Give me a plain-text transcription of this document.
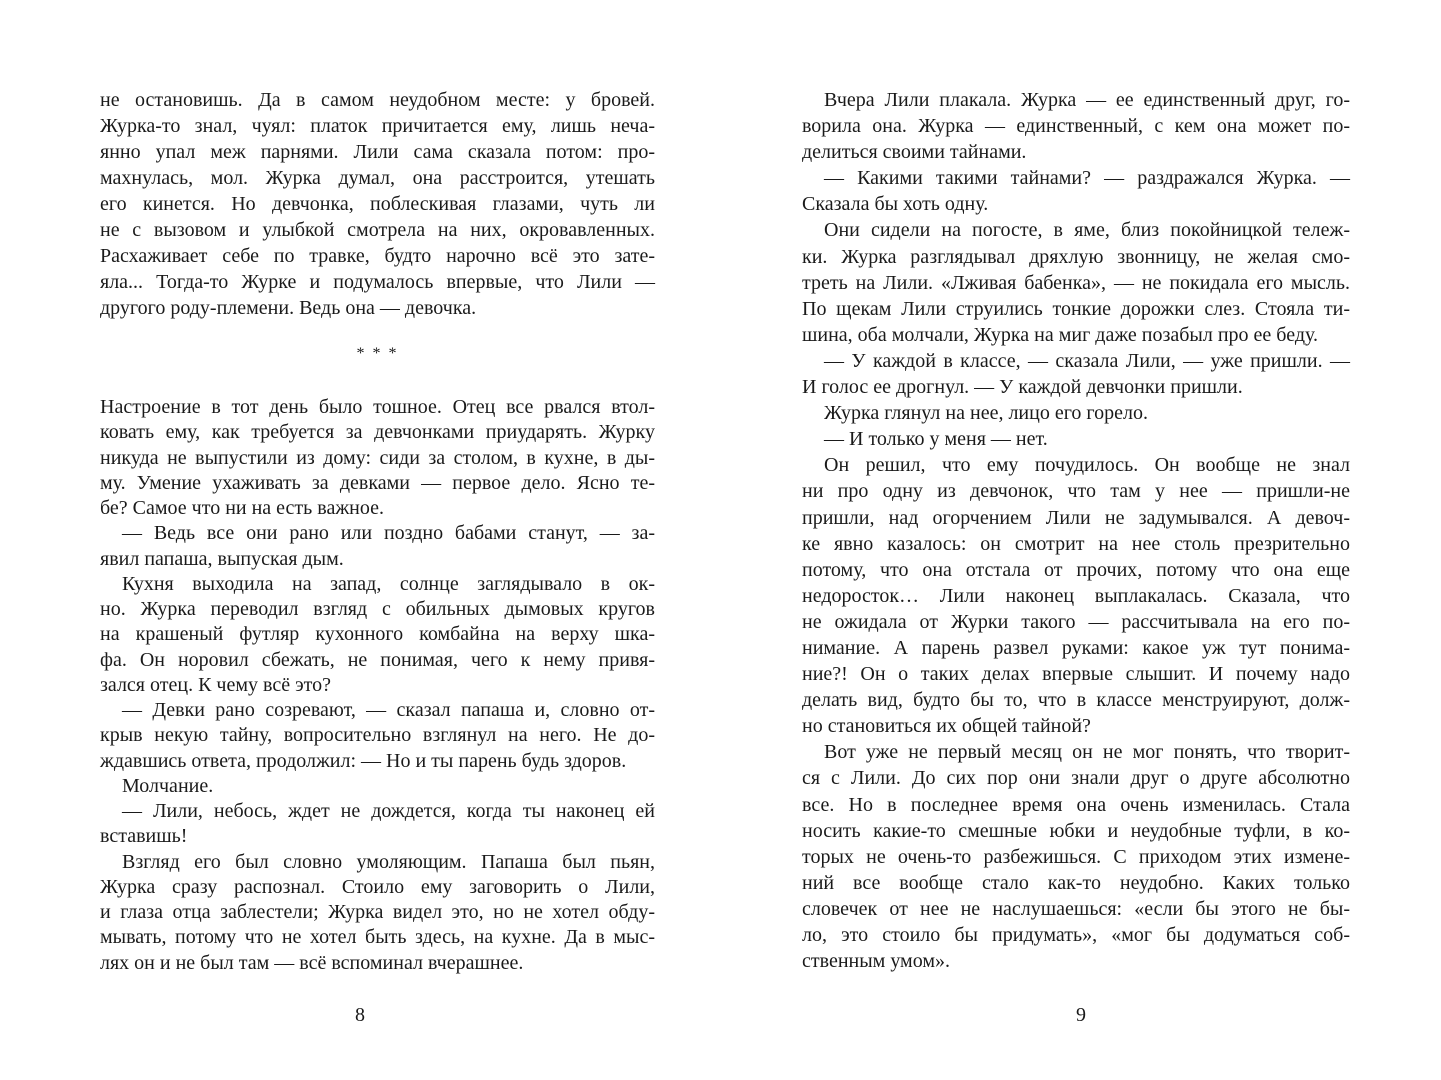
не остановишь. Да в самом неудобном месте: у бровей.
Журка-то знал, чуял: платок причитается ему, лишь неча-
янно упал меж парнями. Лили сама сказала потом: про-
махнулась, мол. Журка думал, она расстроится, утешать
его кинется. Но девчонка, поблескивая глазами, чуть ли
не с вызовом и улыбкой смотрела на них, окровавленных.
Расхаживает себе по травке, будто нарочно всё это зате-
яла... Тогда-то Журке и подумалось впервые, что Лили —
другого роду-племени. Ведь она — девочка.
* * *
Настроение в тот день было тошное. Отец все рвался втол-
ковать ему, как требуется за девчонками приударять. Журку
никуда не выпустили из дому: сиди за столом, в кухне, в ды-
му. Умение ухаживать за девками — первое дело. Ясно те-
бе? Самое что ни на есть важное.
— Ведь все они рано или поздно бабами станут, — за-
явил папаша, выпуская дым.
Кухня выходила на запад, солнце заглядывало в ок-
но. Журка переводил взгляд с обильных дымовых кругов
на крашеный футляр кухонного комбайна на верху шка-
фа. Он норовил сбежать, не понимая, чего к нему привя-
зался отец. К чему всё это?
— Девки рано созревают, — сказал папаша и, словно от-
крыв некую тайну, вопросительно взглянул на него. Не до-
ждавшись ответа, продолжил: — Но и ты парень будь здоров.
Молчание.
— Лили, небось, ждет не дождется, когда ты наконец ей
вставишь!
Взгляд его был словно умоляющим. Папаша был пьян,
Журка сразу распознал. Стоило ему заговорить о Лили,
и глаза отца заблестели; Журка видел это, но не хотел обду-
мывать, потому что не хотел быть здесь, на кухне. Да в мыс-
лях он и не был там — всё вспоминал вчерашнее.
Вчера Лили плакала. Журка — ее единственный друг, го-
ворила она. Журка — единственный, с кем она может по-
делиться своими тайнами.
— Какими такими тайнами? — раздражался Журка. —
Сказала бы хоть одну.
Они сидели на погосте, в яме, близ покойницкой тележ-
ки. Журка разглядывал дряхлую звонницу, не желая смо-
треть на Лили. «Лживая бабенка», — не покидала его мысль.
По щекам Лили струились тонкие дорожки слез. Стояла ти-
шина, оба молчали, Журка на миг даже позабыл про ее беду.
— У каждой в классе, — сказала Лили, — уже пришли. —
И голос ее дрогнул. — У каждой девчонки пришли.
Журка глянул на нее, лицо его горело.
— И только у меня — нет.
Он решил, что ему почудилось. Он вообще не знал
ни про одну из девчонок, что там у нее — пришли-не
пришли, над огорчением Лили не задумывался. А девоч-
ке явно казалось: он смотрит на нее столь презрительно
потому, что она отстала от прочих, потому что она еще
недоросток… Лили наконец выплакалась. Сказала, что
не ожидала от Журки такого — рассчитывала на его по-
нимание. А парень развел руками: какое уж тут понима-
ние?! Он о таких делах впервые слышит. И почему надо
делать вид, будто бы то, что в классе менструируют, долж-
но становиться их общей тайной?
Вот уже не первый месяц он не мог понять, что творит-
ся с Лили. До сих пор они знали друг о друге абсолютно
все. Но в последнее время она очень изменилась. Стала
носить какие-то смешные юбки и неудобные туфли, в ко-
торых не очень-то разбежишься. С приходом этих измене-
ний все вообще стало как-то неудобно. Каких только
словечек от нее не наслушаешься: «если бы этого не бы-
ло, это стоило бы придумать», «мог бы додуматься соб-
ственным умом».
8	9
